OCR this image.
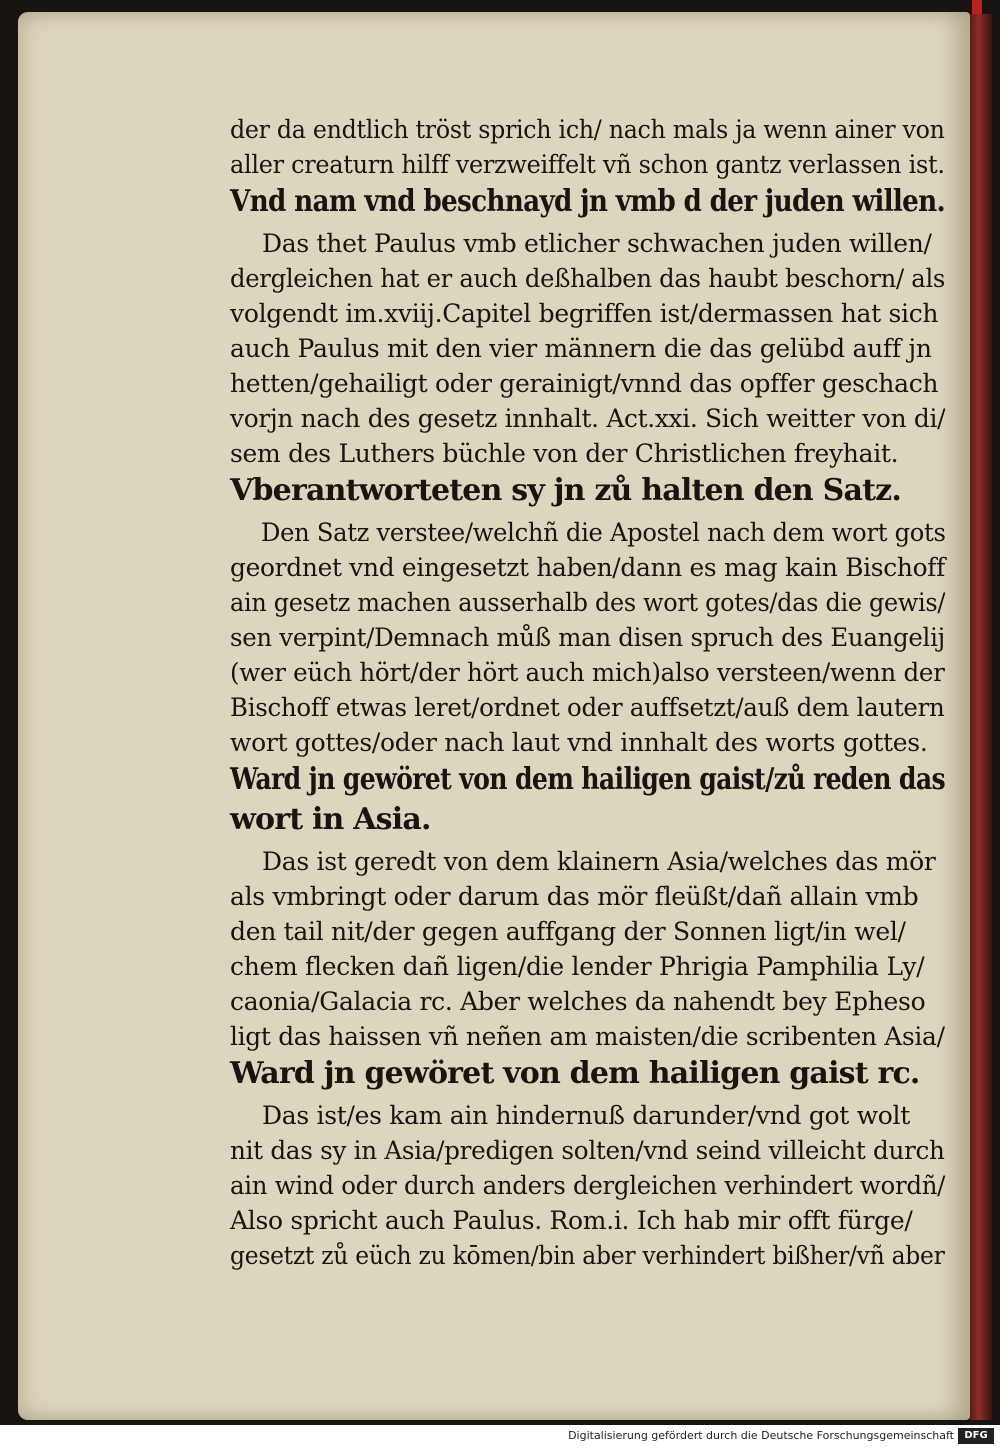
der da endtlich tröst sprich ich/ nach mals ja wenn ainer von
aller creaturn hilff verzweiffelt vñ schon gantz verlassen ist.
Vnd nam vnd beschnayd jn vmb d der juden willen.
Das thet Paulus vmb etlicher schwachen juden willen/
dergleichen hat er auch deßhalben das haubt beschorn/ als
volgendt im.xviij.Capitel begriffen ist/dermassen hat sich
auch Paulus mit den vier männern die das gelübd auff jn
hetten/gehailigt oder gerainigt/vnnd das opffer geschach
vorjn nach des gesetz innhalt. Act.xxi. Sich weitter von di/
sem des Luthers büchle von der Christlichen freyhait.
Vberantworteten sy jn zů halten den Satz.
Den Satz verstee/welchñ die Apostel nach dem wort gots
geordnet vnd eingesetzt haben/dann es mag kain Bischoff
ain gesetz machen ausserhalb des wort gotes/das die gewis/
sen verpint/Demnach můß man disen spruch des Euangelij
(wer eüch hört/der hört auch mich)also versteen/wenn der
Bischoff etwas leret/ordnet oder auffsetzt/auß dem lautern
wort gottes/oder nach laut vnd innhalt des worts gottes.
Ward jn gewöret von dem hailigen gaist/zů reden das
wort in Asia.
Das ist geredt von dem klainern Asia/welches das mör
als vmbringt oder darum das mör fleüßt/dañ allain vmb
den tail nit/der gegen auffgang der Sonnen ligt/in wel/
chem flecken dañ ligen/die lender Phrigia Pamphilia Ly/
caonia/Galacia rc. Aber welches da nahendt bey Epheso
ligt das haissen vñ neñen am maisten/die scribenten Asia/
Ward jn gewöret von dem hailigen gaist rc.
Das ist/es kam ain hindernuß darunder/vnd got wolt
nit das sy in Asia/predigen solten/vnd seind villeicht durch
ain wind oder durch anders dergleichen verhindert wordñ/
Also spricht auch Paulus. Rom.i. Ich hab mir offt fürge/
gesetzt zů eüch zu kōmen/bin aber verhindert bißher/vñ aber
Digitalisierung gefördert durch die Deutsche Forschungsgemeinschaft	DFG
